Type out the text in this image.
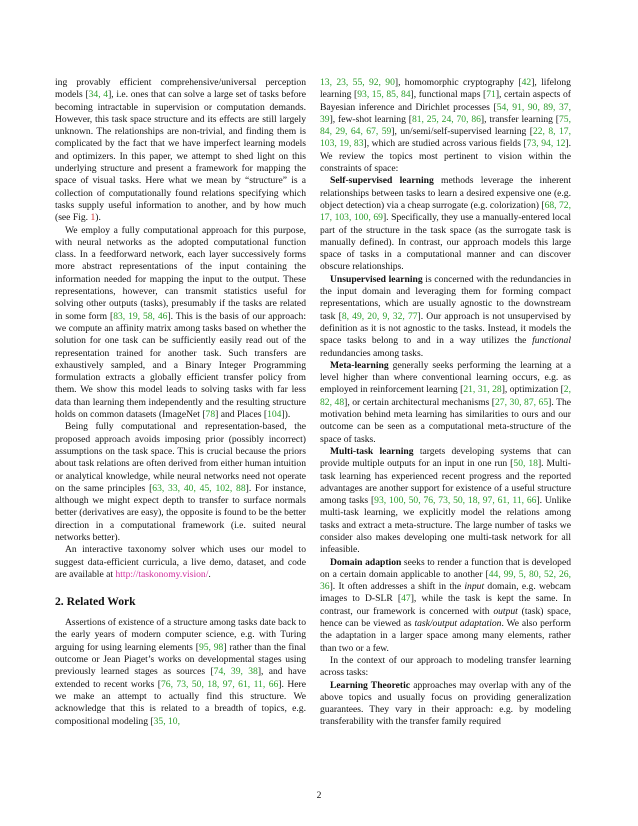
ing provably efficient comprehensive/universal perception models [34, 4], i.e. ones that can solve a large set of tasks before becoming intractable in supervision or computation demands. However, this task space structure and its effects are still largely unknown. The relationships are non-trivial, and finding them is complicated by the fact that we have imperfect learning models and optimizers. In this paper, we attempt to shed light on this underlying structure and present a framework for mapping the space of visual tasks. Here what we mean by “structure” is a collection of computationally found relations specifying which tasks supply useful information to another, and by how much (see Fig. 1).

We employ a fully computational approach for this purpose, with neural networks as the adopted computational function class. In a feedforward network, each layer successively forms more abstract representations of the input containing the information needed for mapping the input to the output. These representations, however, can transmit statistics useful for solving other outputs (tasks), presumably if the tasks are related in some form [83, 19, 58, 46]. This is the basis of our approach: we compute an affinity matrix among tasks based on whether the solution for one task can be sufficiently easily read out of the representation trained for another task. Such transfers are exhaustively sampled, and a Binary Integer Programming formulation extracts a globally efficient transfer policy from them. We show this model leads to solving tasks with far less data than learning them independently and the resulting structure holds on common datasets (ImageNet [78] and Places [104]).

Being fully computational and representation-based, the proposed approach avoids imposing prior (possibly incorrect) assumptions on the task space. This is crucial because the priors about task relations are often derived from either human intuition or analytical knowledge, while neural networks need not operate on the same principles [63, 33, 40, 45, 102, 88]. For instance, although we might expect depth to transfer to surface normals better (derivatives are easy), the opposite is found to be the better direction in a computational framework (i.e. suited neural networks better).

An interactive taxonomy solver which uses our model to suggest data-efficient curricula, a live demo, dataset, and code are available at http://taskonomy.vision/.

2. Related Work

Assertions of existence of a structure among tasks date back to the early years of modern computer science, e.g. with Turing arguing for using learning elements [95, 98] rather than the final outcome or Jean Piaget’s works on developmental stages using previously learned stages as sources [74, 39, 38], and have extended to recent works [76, 73, 50, 18, 97, 61, 11, 66]. Here we make an attempt to actually find this structure. We acknowledge that this is related to a breadth of topics, e.g. compositional modeling [35, 10,

13, 23, 55, 92, 90], homomorphic cryptography [42], lifelong learning [93, 15, 85, 84], functional maps [71], certain aspects of Bayesian inference and Dirichlet processes [54, 91, 90, 89, 37, 39], few-shot learning [81, 25, 24, 70, 86], transfer learning [75, 84, 29, 64, 67, 59], un/semi/self-supervised learning [22, 8, 17, 103, 19, 83], which are studied across various fields [73, 94, 12]. We review the topics most pertinent to vision within the constraints of space:

Self-supervised learning methods leverage the inherent relationships between tasks to learn a desired expensive one (e.g. object detection) via a cheap surrogate (e.g. colorization) [68, 72, 17, 103, 100, 69]. Specifically, they use a manually-entered local part of the structure in the task space (as the surrogate task is manually defined). In contrast, our approach models this large space of tasks in a computational manner and can discover obscure relationships.

Unsupervised learning is concerned with the redundancies in the input domain and leveraging them for forming compact representations, which are usually agnostic to the downstream task [8, 49, 20, 9, 32, 77]. Our approach is not unsupervised by definition as it is not agnostic to the tasks. Instead, it models the space tasks belong to and in a way utilizes the functional redundancies among tasks.

Meta-learning generally seeks performing the learning at a level higher than where conventional learning occurs, e.g. as employed in reinforcement learning [21, 31, 28], optimization [2, 82, 48], or certain architectural mechanisms [27, 30, 87, 65]. The motivation behind meta learning has similarities to ours and our outcome can be seen as a computational meta-structure of the space of tasks.

Multi-task learning targets developing systems that can provide multiple outputs for an input in one run [50, 18]. Multi-task learning has experienced recent progress and the reported advantages are another support for existence of a useful structure among tasks [93, 100, 50, 76, 73, 50, 18, 97, 61, 11, 66]. Unlike multi-task learning, we explicitly model the relations among tasks and extract a meta-structure. The large number of tasks we consider also makes developing one multi-task network for all infeasible.

Domain adaption seeks to render a function that is developed on a certain domain applicable to another [44, 99, 5, 80, 52, 26, 36]. It often addresses a shift in the input domain, e.g. webcam images to D-SLR [47], while the task is kept the same. In contrast, our framework is concerned with output (task) space, hence can be viewed as task/output adaptation. We also perform the adaptation in a larger space among many elements, rather than two or a few.

In the context of our approach to modeling transfer learning across tasks:

Learning Theoretic approaches may overlap with any of the above topics and usually focus on providing generalization guarantees. They vary in their approach: e.g. by modeling transferability with the transfer family required

2
